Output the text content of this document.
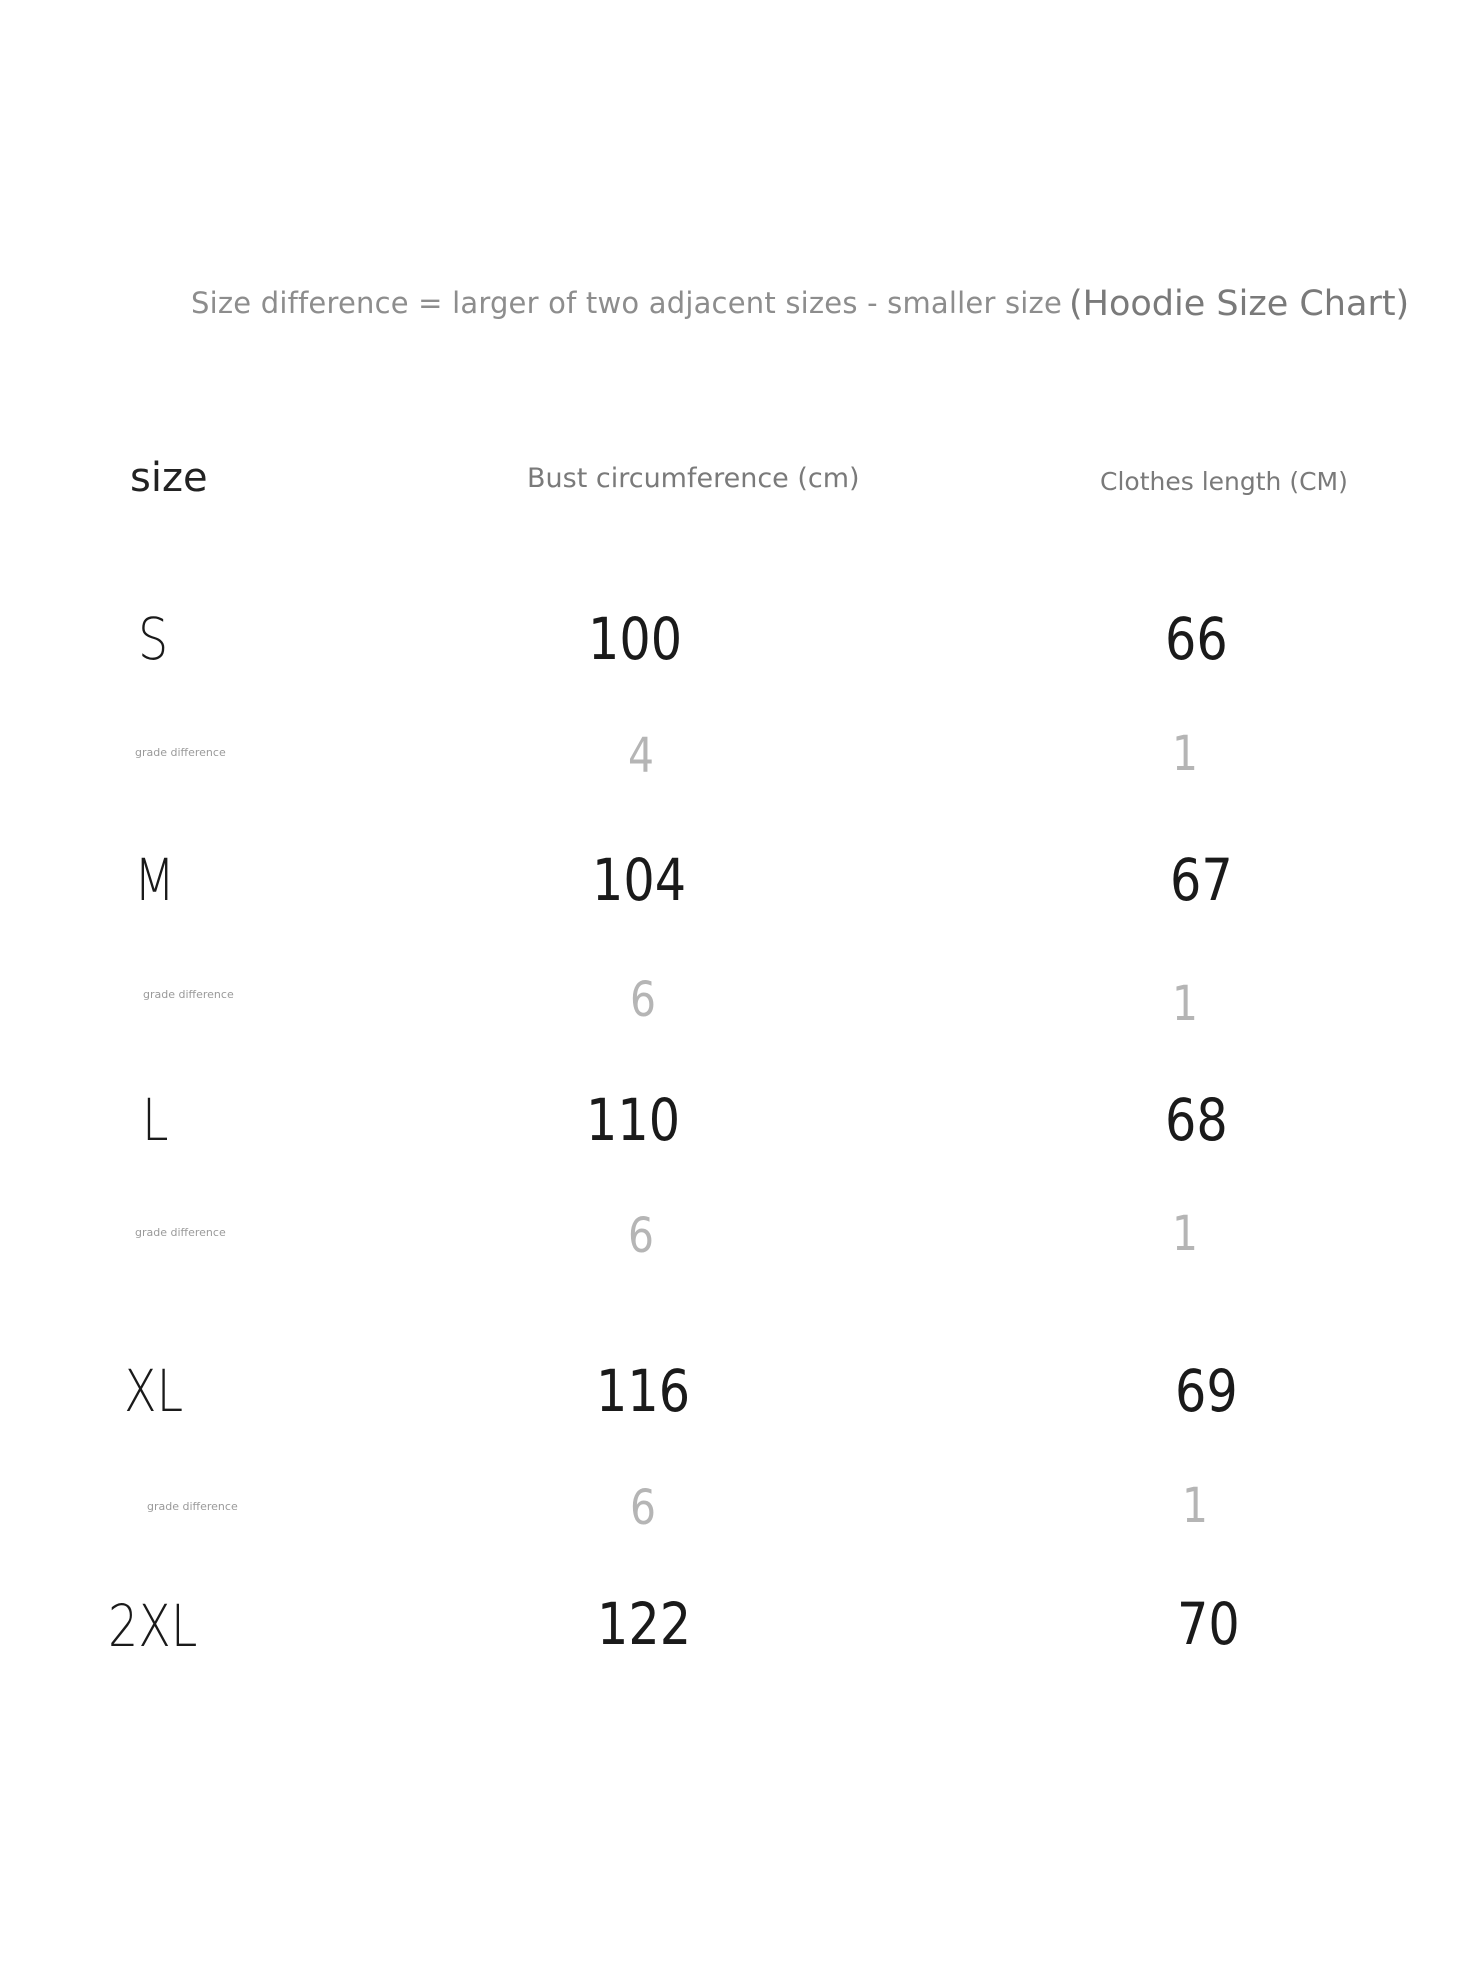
Size difference = larger of two adjacent sizes - smaller size (Hoodie Size Chart)
size	Bust circumference (cm)	Clothes length (CM)
S	100	66
grade difference	4	1
M	104	67
grade difference	6	1
L	110	68
grade difference	6	1
XL	116	69
grade difference	6	1
2XL	122	70
